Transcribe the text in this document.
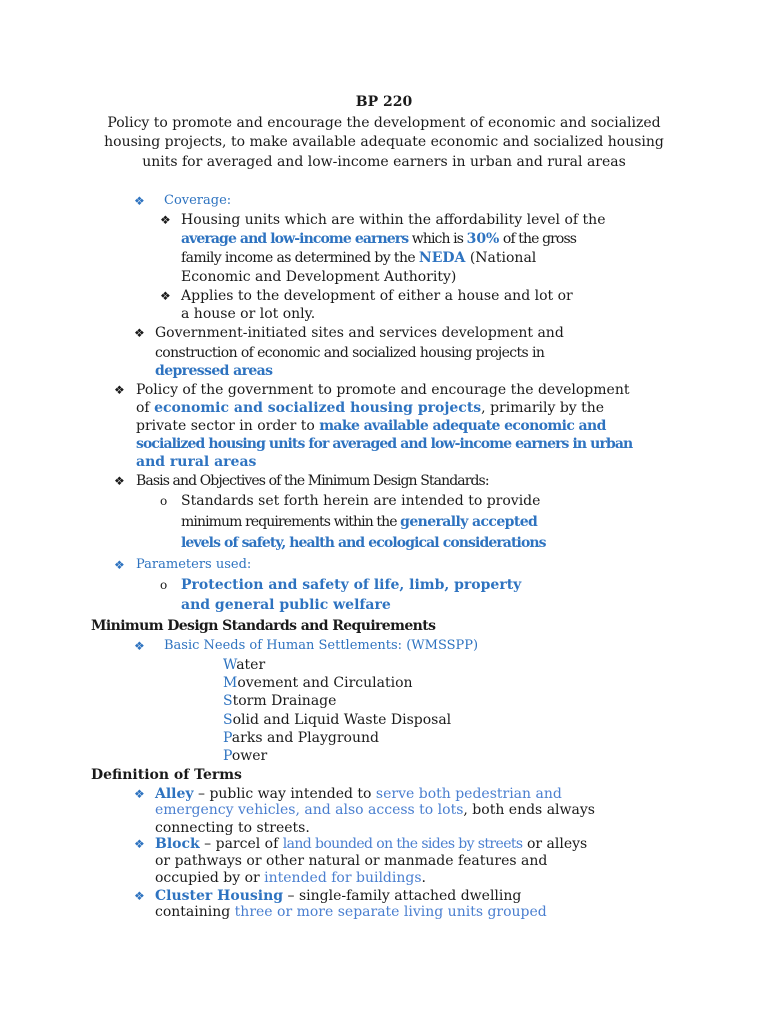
BP 220
Policy to promote and encourage the development of economic and socialized
housing projects, to make available adequate economic and socialized housing
units for averaged and low-income earners in urban and rural areas
❖ Coverage:
❖ Housing units which are within the affordability level of the
average and low-income earners which is 30% of the gross
family income as determined by the NEDA (National
Economic and Development Authority)
❖ Applies to the development of either a house and lot or
a house or lot only.
❖ Government-initiated sites and services development and
construction of economic and socialized housing projects in
depressed areas
❖ Policy of the government to promote and encourage the development
of economic and socialized housing projects, primarily by the
private sector in order to make available adequate economic and
socialized housing units for averaged and low-income earners in urban
and rural areas
❖ Basis and Objectives of the Minimum Design Standards:
o Standards set forth herein are intended to provide
minimum requirements within the generally accepted
levels of safety, health and ecological considerations
❖ Parameters used:
o Protection and safety of life, limb, property
and general public welfare
Minimum Design Standards and Requirements
❖ Basic Needs of Human Settlements: (WMSSPP)
Water
Movement and Circulation
Storm Drainage
Solid and Liquid Waste Disposal
Parks and Playground
Power
Definition of Terms
❖ Alley – public way intended to serve both pedestrian and
emergency vehicles, and also access to lots, both ends always
connecting to streets.
❖ Block – parcel of land bounded on the sides by streets or alleys
or pathways or other natural or manmade features and
occupied by or intended for buildings.
❖ Cluster Housing – single-family attached dwelling
containing three or more separate living units grouped
